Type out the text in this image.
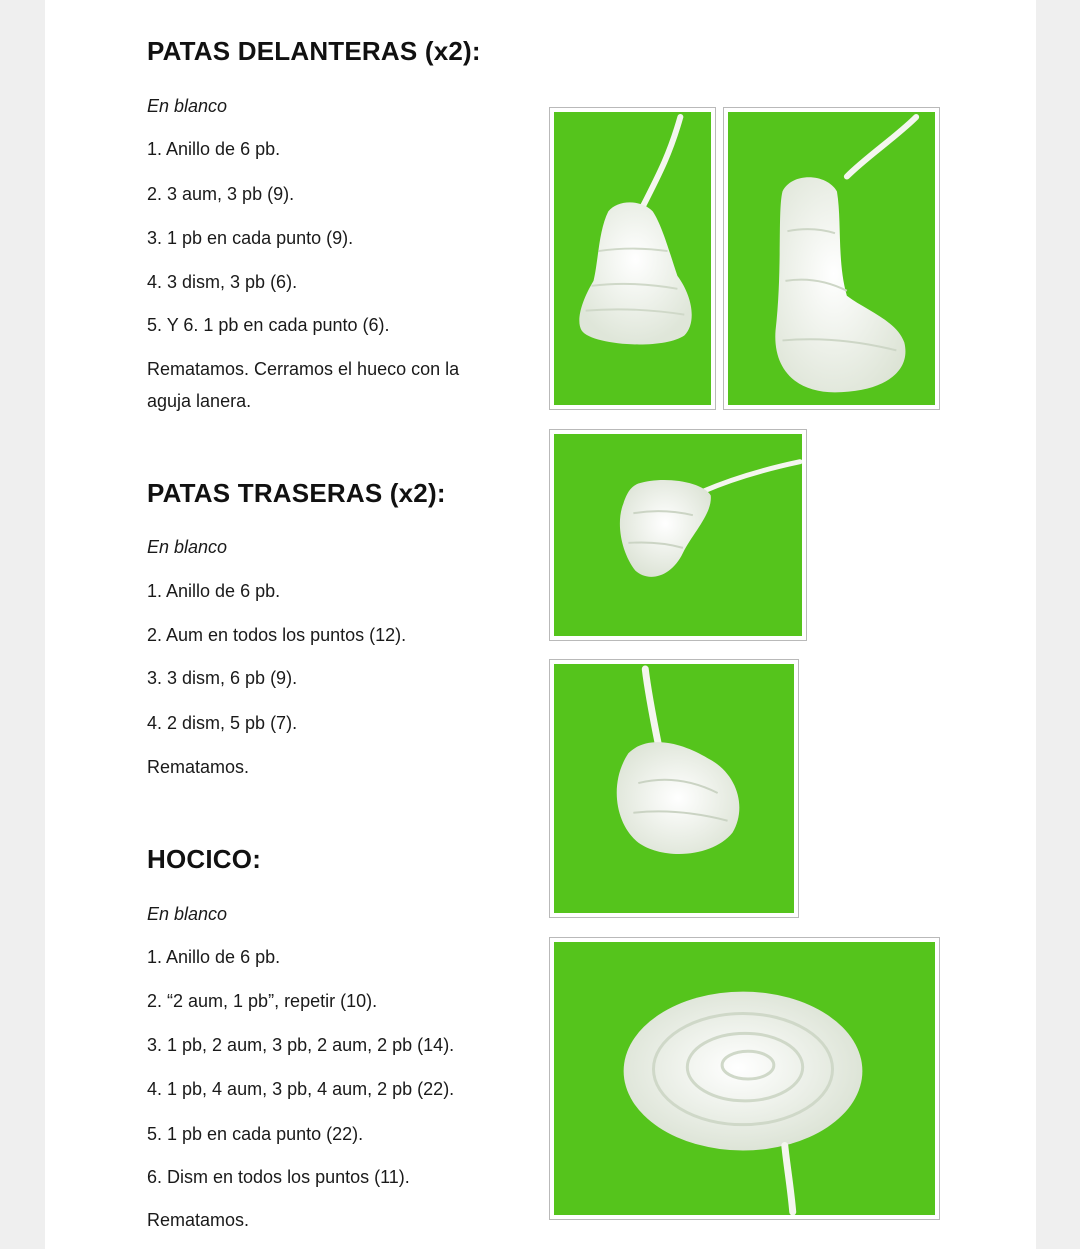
PATAS DELANTERAS (x2):

En blanco

1. Anillo de 6 pb.

2. 3 aum, 3 pb (9).

3. 1 pb en cada punto (9).

4. 3 dism, 3 pb (6).

5. Y 6. 1 pb en cada punto (6).

Rematamos. Cerramos el hueco con la

aguja lanera.

PATAS TRASERAS (x2):

En blanco

1. Anillo de 6 pb.

2. Aum en todos los puntos (12).

3. 3 dism, 6 pb (9).

4. 2 dism, 5 pb (7).

Rematamos.

HOCICO:

En blanco

1. Anillo de 6 pb.

2. “2 aum, 1 pb”, repetir (10).

3. 1 pb, 2 aum, 3 pb, 2 aum, 2 pb (14).

4. 1 pb, 4 aum, 3 pb, 4 aum, 2 pb (22).

5. 1 pb en cada punto (22).

6. Dism en todos los puntos (11).

Rematamos.
